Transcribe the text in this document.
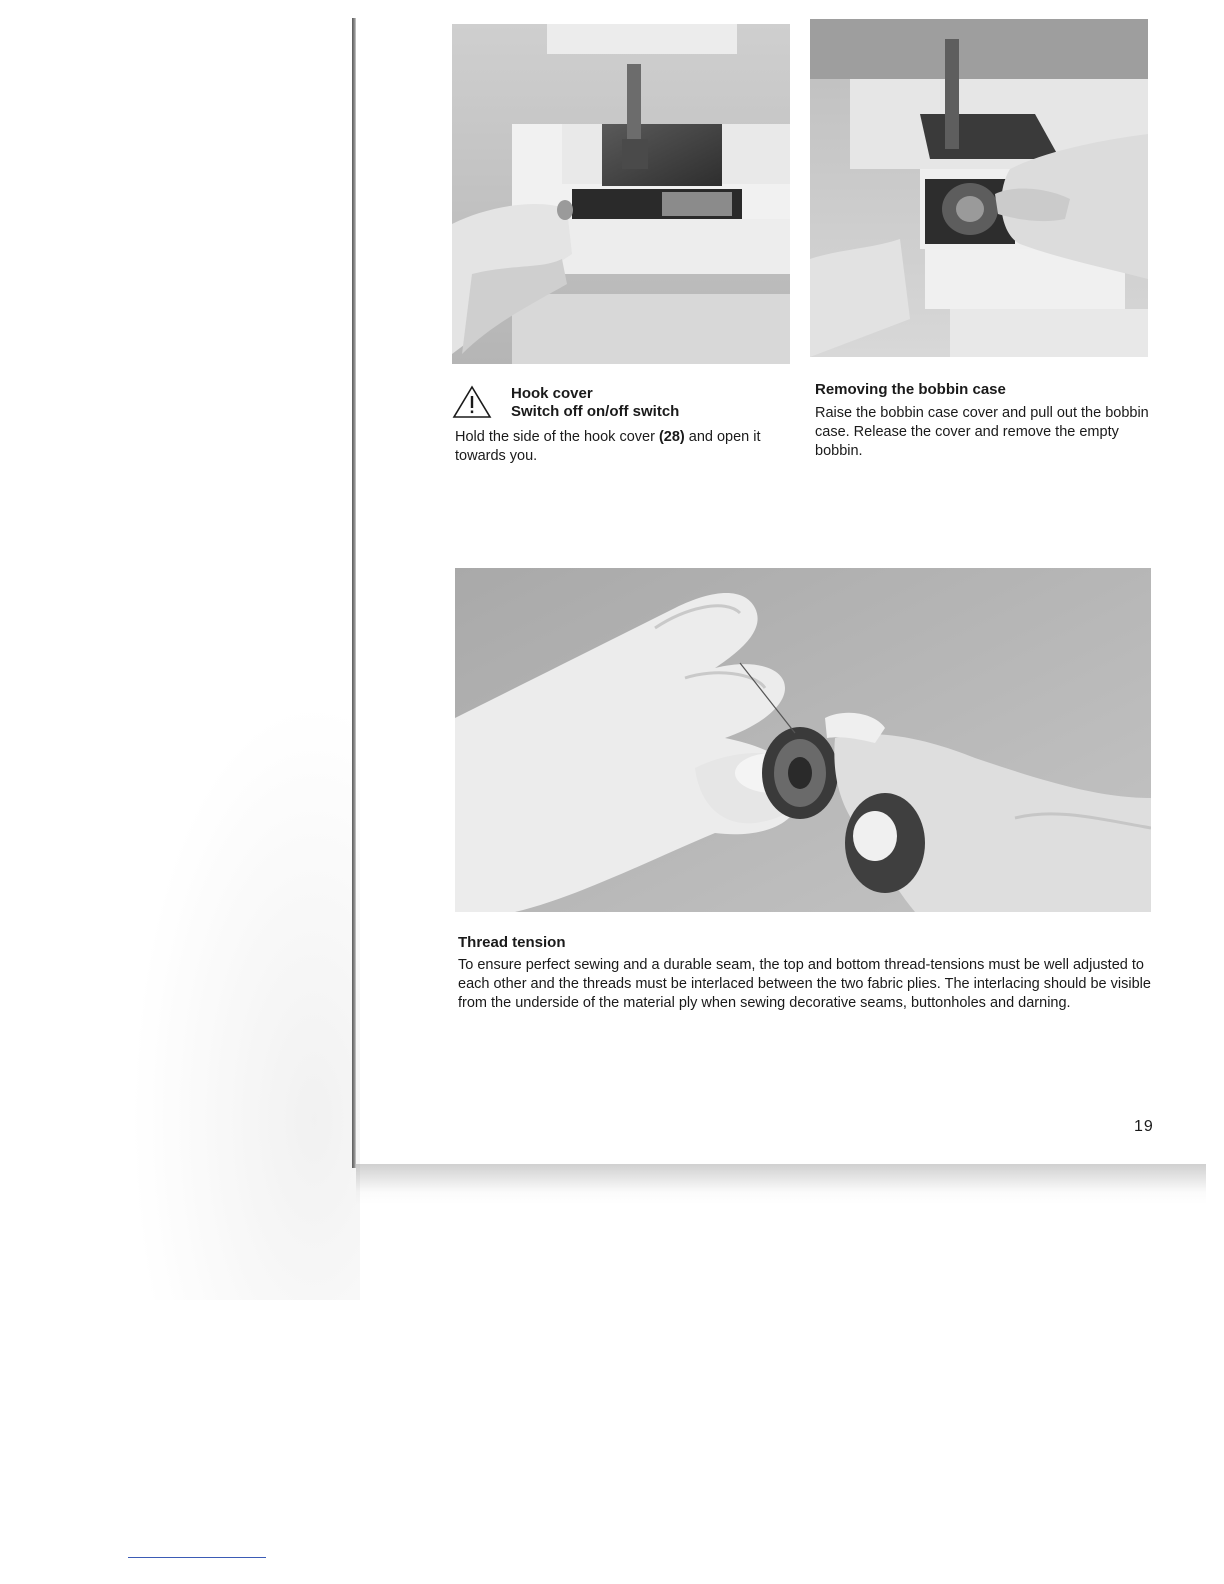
Hook cover
Switch off on/off switch
Hold the side of the hook cover (28) and open it towards you.
Removing the bobbin case
Raise the bobbin case cover and pull out the bobbin case. Release the cover and remove the empty bobbin.
Thread tension
To ensure perfect sewing and a durable seam, the top and bottom thread-tensions must be well adjusted to each other and the threads must be interlaced between the two fabric plies. The interlacing should be visible from the underside of the material ply when sewing decorative seams, buttonholes and darning.
19
